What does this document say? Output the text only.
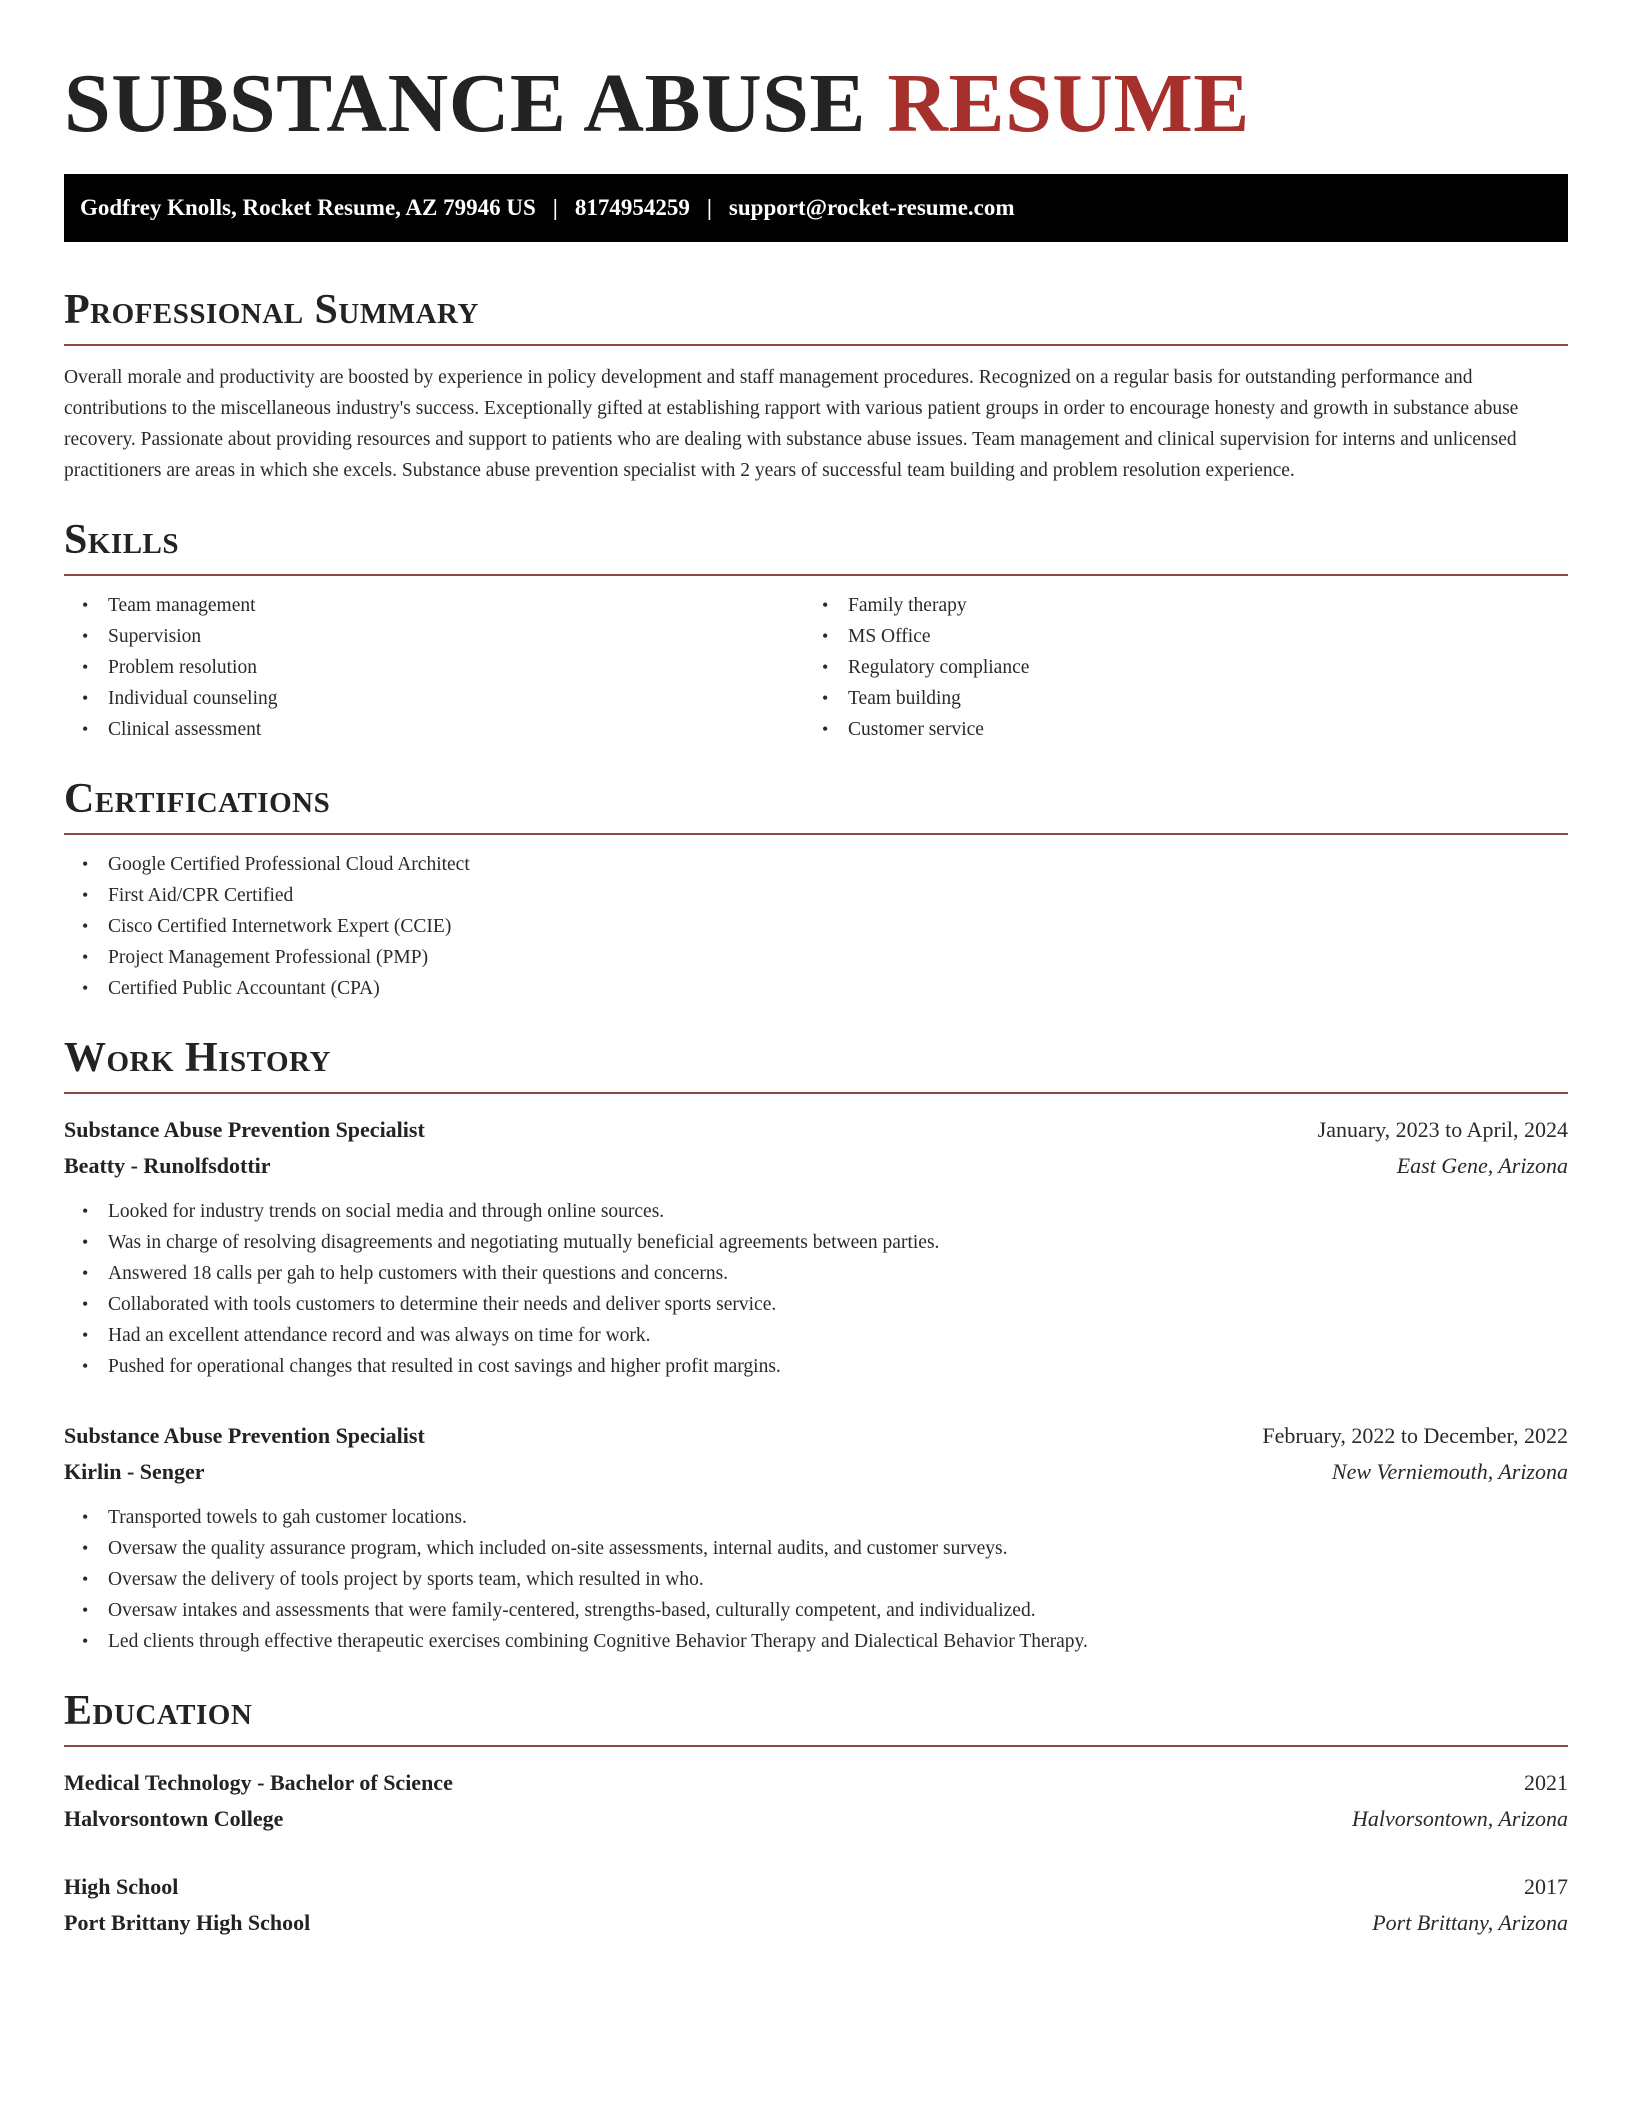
SUBSTANCE ABUSE RESUME
Godfrey Knolls, Rocket Resume, AZ 79946 US | 8174954259 | support@rocket-resume.com
Professional Summary

Overall morale and productivity are boosted by experience in policy development and staff management procedures. Recognized on a regular basis for outstanding performance and contributions to the miscellaneous industry's success. Exceptionally gifted at establishing rapport with various patient groups in order to encourage honesty and growth in substance abuse recovery. Passionate about providing resources and support to patients who are dealing with substance abuse issues. Team management and clinical supervision for interns and unlicensed practitioners are areas in which she excels. Substance abuse prevention specialist with 2 years of successful team building and problem resolution experience.

Skills
• Team management
• Supervision
• Problem resolution
• Individual counseling
• Clinical assessment
• Family therapy
• MS Office
• Regulatory compliance
• Team building
• Customer service
Certifications
• Google Certified Professional Cloud Architect
• First Aid/CPR Certified
• Cisco Certified Internetwork Expert (CCIE)
• Project Management Professional (PMP)
• Certified Public Accountant (CPA)
Work History
Substance Abuse Prevention Specialist	January, 2023 to April, 2024
Beatty - Runolfsdottir	East Gene, Arizona
• Looked for industry trends on social media and through online sources.
• Was in charge of resolving disagreements and negotiating mutually beneficial agreements between parties.
• Answered 18 calls per gah to help customers with their questions and concerns.
• Collaborated with tools customers to determine their needs and deliver sports service.
• Had an excellent attendance record and was always on time for work.
• Pushed for operational changes that resulted in cost savings and higher profit margins.
Substance Abuse Prevention Specialist	February, 2022 to December, 2022
Kirlin - Senger	New Verniemouth, Arizona
• Transported towels to gah customer locations.
• Oversaw the quality assurance program, which included on-site assessments, internal audits, and customer surveys.
• Oversaw the delivery of tools project by sports team, which resulted in who.
• Oversaw intakes and assessments that were family-centered, strengths-based, culturally competent, and individualized.
• Led clients through effective therapeutic exercises combining Cognitive Behavior Therapy and Dialectical Behavior Therapy.
Education
Medical Technology - Bachelor of Science	2021
Halvorsontown College	Halvorsontown, Arizona
High School	2017
Port Brittany High School	Port Brittany, Arizona
